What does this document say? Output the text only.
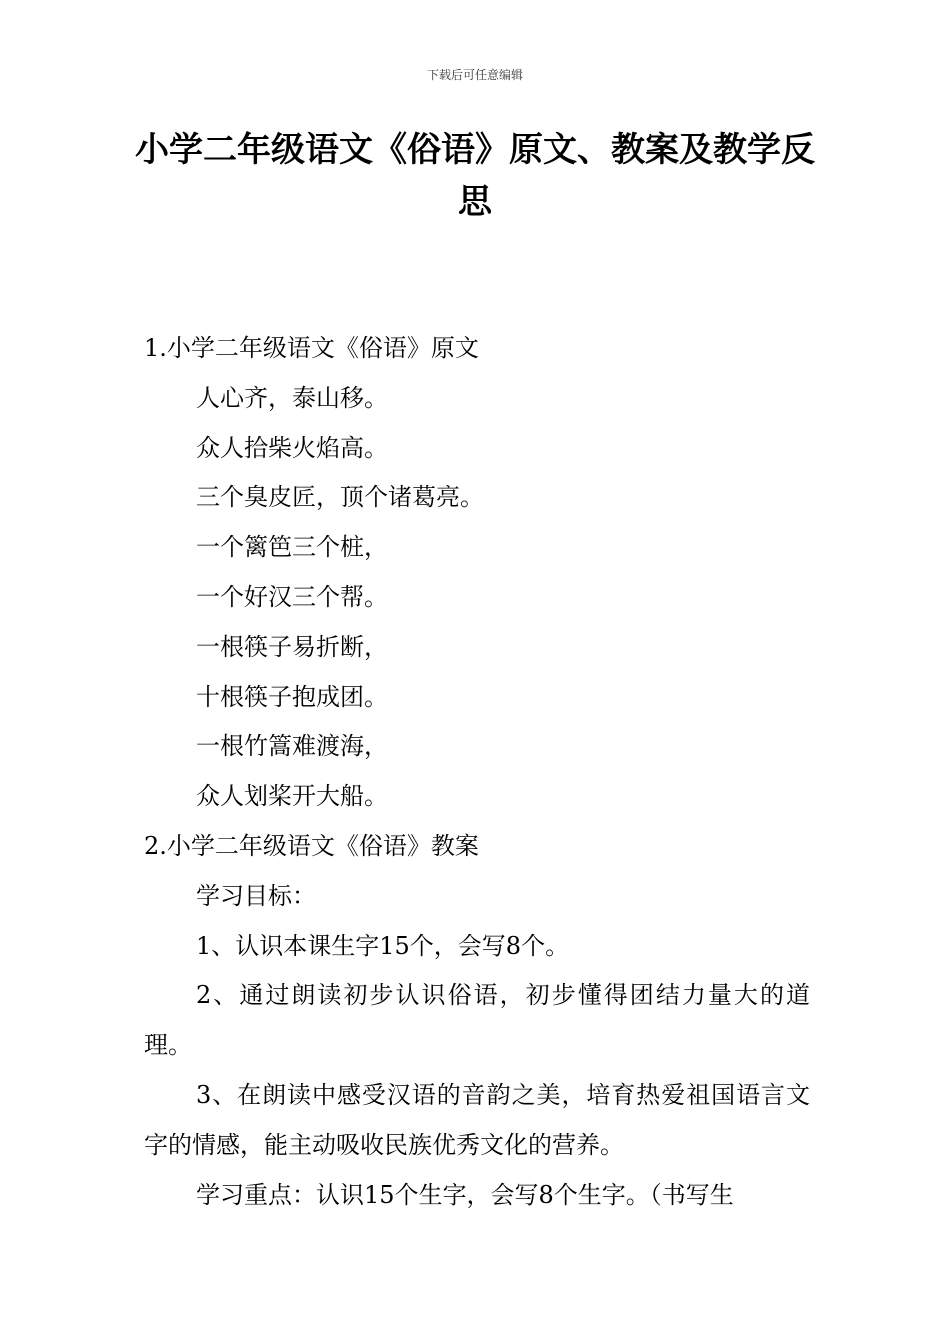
下载后可任意编辑
小学二年级语文《俗语》原文、教案及教学反思

1.小学二年级语文《俗语》原文

人心齐，泰山移。

众人拾柴火焰高。

三个臭皮匠，顶个诸葛亮。

一个篱笆三个桩，

一个好汉三个帮。

一根筷子易折断，

十根筷子抱成团。

一根竹篙难渡海，

众人划桨开大船。

2.小学二年级语文《俗语》教案

学习目标：

1、认识本课生字15个，会写8个。

2、通过朗读初步认识俗语，初步懂得团结力量大的道理。

3、在朗读中感受汉语的音韵之美，培育热爱祖国语言文字的情感，能主动吸收民族优秀文化的营养。

学习重点：认识15个生字，会写8个生字。（书写生
